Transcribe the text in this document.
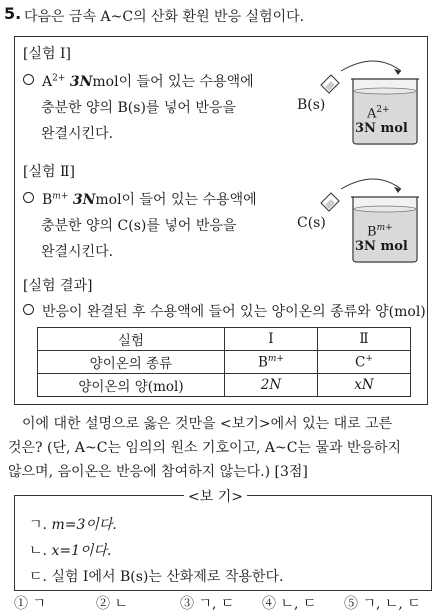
5. 다음은 금속 A~C의 산화 환원 반응 실험이다.
[실험 Ⅰ]
$A^{2+}$ 3Nmol이 들어 있는 수용액에
충분한 양의 B(s)를 넣어 반응을
완결시킨다.
B(s)
$A^{2+}$
3N mol
[실험 Ⅱ]
$B^{m+}$ 3Nmol이 들어 있는 수용액에
충분한 양의 C(s)를 넣어 반응을
완결시킨다.
C(s)
$B^{m+}$
3N mol
[실험 결과]
반응이 완결된 후 수용액에 들어 있는 양이온의 종류와 양(mol)
실험	Ⅰ	Ⅱ
양이온의 종류	$B^{m+}$	C+
양이온의 양(mol)	2N	xN
이에 대한 설명으로 옳은 것만을 <보기>에서 있는 대로 고른
것은? (단, A~C는 임의의 원소 기호이고, A~C는 물과 반응하지
않으며, 음이온은 반응에 참여하지 않는다.) [3점]
ㄱ. m=3이다.
ㄴ. x=1이다.
ㄷ. 실험 Ⅰ에서 B(s)는 산화제로 작용한다.
<보 기>
① ㄱ	② ㄴ	③ ㄱ, ㄷ ④ ㄴ, ㄷ ⑤ ㄱ, ㄴ, ㄷ
